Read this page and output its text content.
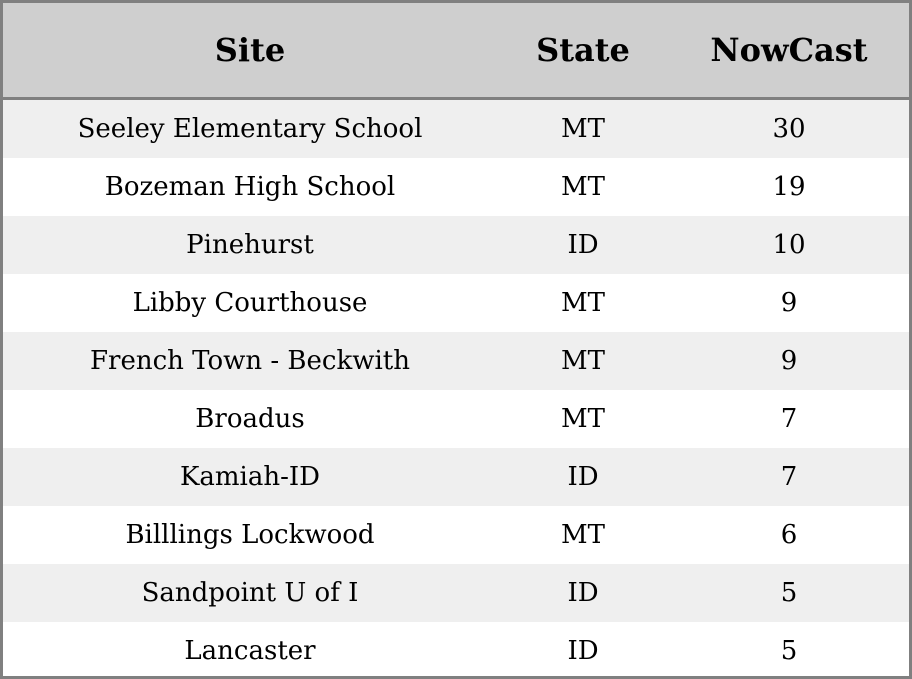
Site	State	NowCast
Seeley Elementary School	MT	30
Bozeman High School	MT	19
Pinehurst	ID	10
Libby Courthouse	MT	9
French Town - Beckwith	MT	9
Broadus	MT	7
Kamiah-ID	ID	7
Billlings Lockwood	MT	6
Sandpoint U of I	ID	5
Lancaster	ID	5
